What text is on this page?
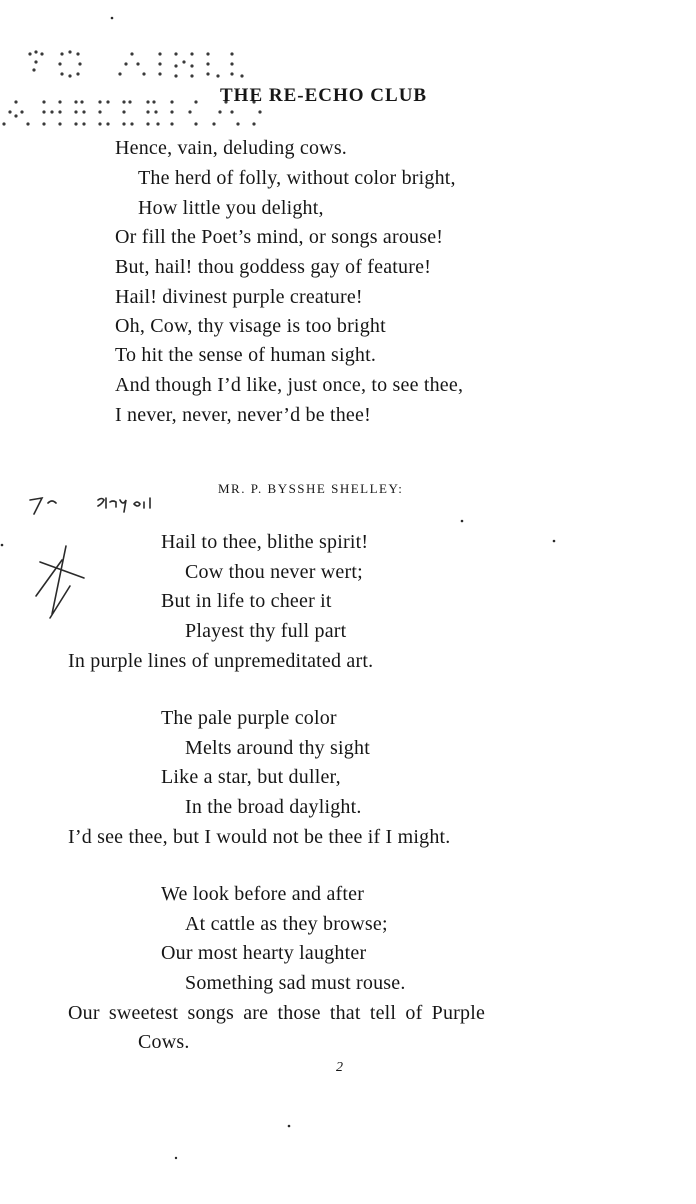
THE RE-ECHO CLUB
Hence, vain, deluding cows.
The herd of folly, without color bright,
How little you delight,
Or fill the Poet’s mind, or songs arouse!
But, hail! thou goddess gay of feature!
Hail! divinest purple creature!
Oh, Cow, thy visage is too bright
To hit the sense of human sight.
And though I’d like, just once, to see thee,
I never, never, never’d be thee!
MR. P. BYSSHE SHELLEY:
Hail to thee, blithe spirit!
Cow thou never wert;
But in life to cheer it
Playest thy full part
In purple lines of unpremeditated art.
The pale purple color
Melts around thy sight
Like a star, but duller,
In the broad daylight.
I’d see thee, but I would not be thee if I might.
We look before and after
At cattle as they browse;
Our most hearty laughter
Something sad must rouse.
Our sweetest songs are those that tell of Purple
Cows.
2
